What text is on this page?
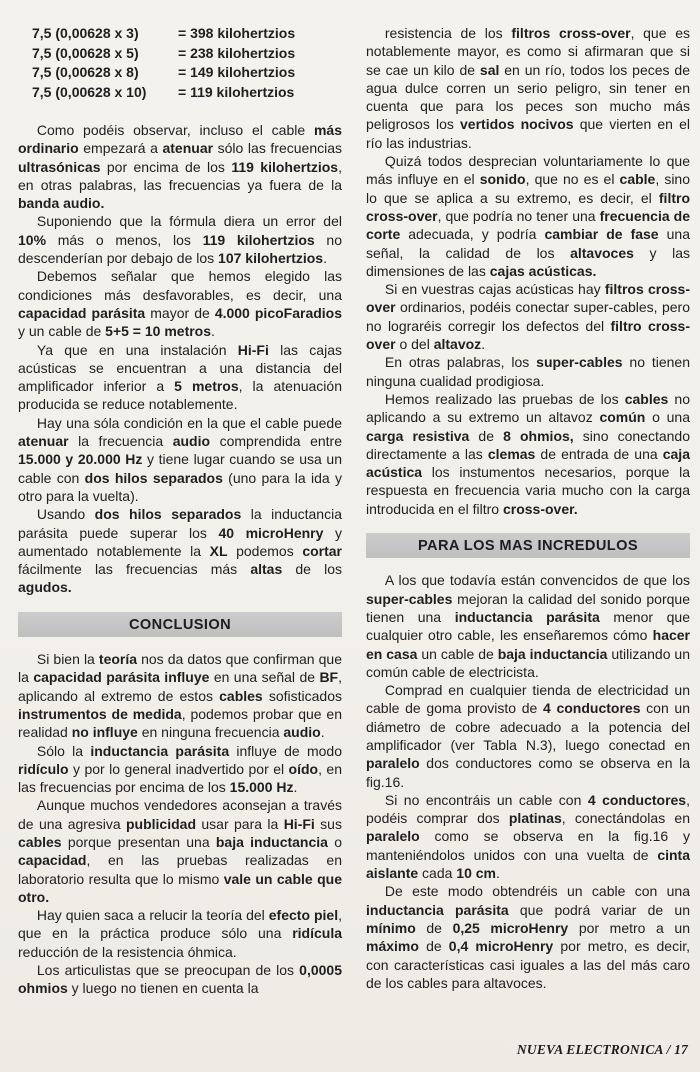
7,5 (0,00628 x 3)	= 398 kilohertzios
7,5 (0,00628 x 5)	= 238 kilohertzios
7,5 (0,00628 x 8)	= 149 kilohertzios
7,5 (0,00628 x 10)	= 119 kilohertzios

Como podéis observar, incluso el cable más ordinario empezará a atenuar sólo las frecuencias ultrasónicas por encima de los 119 kilohertzios, en otras palabras, las frecuencias ya fuera de la banda audio.

Suponiendo que la fórmula diera un error del 10% más o menos, los 119 kilohertzios no descenderían por debajo de los 107 kilohertzios.

Debemos señalar que hemos elegido las condiciones más desfavorables, es decir, una capacidad parásita mayor de 4.000 picoFaradios y un cable de 5+5 = 10 metros.

Ya que en una instalación Hi-Fi las cajas acústicas se encuentran a una distancia del amplificador inferior a 5 metros, la atenuación producida se reduce notablemente.

Hay una sóla condición en la que el cable puede atenuar la frecuencia audio comprendida entre 15.000 y 20.000 Hz y tiene lugar cuando se usa un cable con dos hilos separados (uno para la ida y otro para la vuelta).

Usando dos hilos separados la inductancia parásita puede superar los 40 microHenry y aumentado notablemente la XL podemos cortar fácilmente las frecuencias más altas de los agudos.

CONCLUSION

Si bien la teoría nos da datos que confirman que la capacidad parásita influye en una señal de BF, aplicando al extremo de estos cables sofisticados instrumentos de medida, podemos probar que en realidad no influye en ninguna frecuencia audio.

Sólo la inductancia parásita influye de modo ridículo y por lo general inadvertido por el oído, en las frecuencias por encima de los 15.000 Hz.

Aunque muchos vendedores aconsejan a través de una agresiva publicidad usar para la Hi-Fi sus cables porque presentan una baja inductancia o capacidad, en las pruebas realizadas en laboratorio resulta que lo mismo vale un cable que otro.

Hay quien saca a relucir la teoría del efecto piel, que en la práctica produce sólo una ridícula reducción de la resistencia óhmica.

Los articulistas que se preocupan de los 0,0005 ohmios y luego no tienen en cuenta la

resistencia de los filtros cross-over, que es notablemente mayor, es como si afirmaran que si se cae un kilo de sal en un río, todos los peces de agua dulce corren un serio peligro, sin tener en cuenta que para los peces son mucho más peligrosos los vertidos nocivos que vierten en el río las industrias.

Quizá todos desprecian voluntariamente lo que más influye en el sonido, que no es el cable, sino lo que se aplica a su extremo, es decir, el filtro cross-over, que podría no tener una frecuencia de corte adecuada, y podría cambiar de fase una señal, la calidad de los altavoces y las dimensiones de las cajas acústicas.

Si en vuestras cajas acústicas hay filtros cross-over ordinarios, podéis conectar super-cables, pero no lograréis corregir los defectos del filtro cross-over o del altavoz.

En otras palabras, los super-cables no tienen ninguna cualidad prodigiosa.

Hemos realizado las pruebas de los cables no aplicando a su extremo un altavoz común o una carga resistiva de 8 ohmios, sino conectando directamente a las clemas de entrada de una caja acústica los instumentos necesarios, porque la respuesta en frecuencia varia mucho con la carga introducida en el filtro cross-over.

PARA LOS MAS INCREDULOS

A los que todavía están convencidos de que los super-cables mejoran la calidad del sonido porque tienen una inductancia parásita menor que cualquier otro cable, les enseñaremos cómo hacer en casa un cable de baja inductancia utilizando un común cable de electricista.

Comprad en cualquier tienda de electricidad un cable de goma provisto de 4 conductores con un diámetro de cobre adecuado a la potencia del amplificador (ver Tabla N.3), luego conectad en paralelo dos conductores como se observa en la fig.16.

Si no encontráis un cable con 4 conductores, podéis comprar dos platinas, conectándolas en paralelo como se observa en la fig.16 y manteniéndolos unidos con una vuelta de cinta aislante cada 10 cm.

De este modo obtendréis un cable con una inductancia parásita que podrá variar de un mínimo de 0,25 microHenry por metro a un máximo de 0,4 microHenry por metro, es decir, con características casi iguales a las del más caro de los cables para altavoces.

NUEVA ELECTRONICA / 17
